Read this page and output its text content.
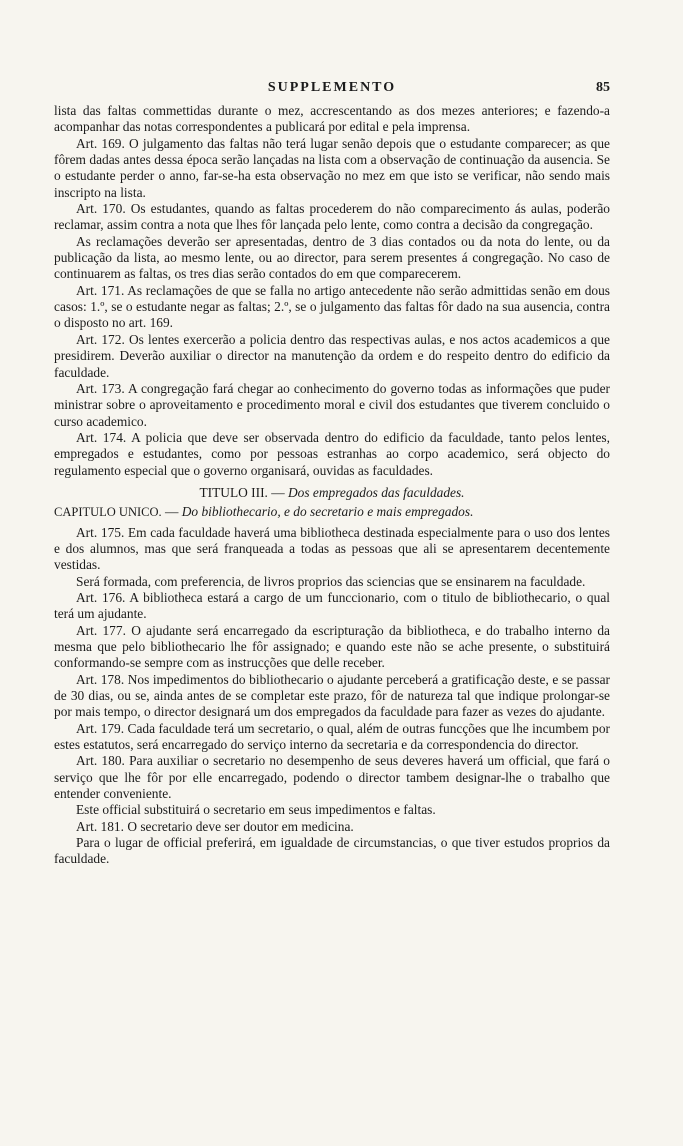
SUPPLEMENTO	85

lista das faltas commettidas durante o mez, accrescentando as dos mezes anteriores; e fazendo-a acompanhar das notas correspondentes a publicará por edital e pela imprensa.

Art. 169. O julgamento das faltas não terá lugar senão depois que o estudante comparecer; as que fôrem dadas antes dessa época serão lançadas na lista com a observação de continuação da ausencia. Se o estudante perder o anno, far-se-ha esta observação no mez em que isto se verificar, não sendo mais inscripto na lista.

Art. 170. Os estudantes, quando as faltas procederem do não comparecimento ás aulas, poderão reclamar, assim contra a nota que lhes fôr lançada pelo lente, como contra a decisão da congregação.

As reclamações deverão ser apresentadas, dentro de 3 dias contados ou da nota do lente, ou da publicação da lista, ao mesmo lente, ou ao director, para serem presentes á congregação. No caso de continuarem as faltas, os tres dias serão contados do em que comparecerem.

Art. 171. As reclamações de que se falla no artigo antecedente não serão admittidas senão em dous casos: 1.º, se o estudante negar as faltas; 2.º, se o julgamento das faltas fôr dado na sua ausencia, contra o disposto no art. 169.

Art. 172. Os lentes exercerão a policia dentro das respectivas aulas, e nos actos academicos a que presidirem. Deverão auxiliar o director na manutenção da ordem e do respeito dentro do edificio da faculdade.

Art. 173. A congregação fará chegar ao conhecimento do governo todas as informações que puder ministrar sobre o aproveitamento e procedimento moral e civil dos estudantes que tiverem concluido o curso academico.

Art. 174. A policia que deve ser observada dentro do edificio da faculdade, tanto pelos lentes, empregados e estudantes, como por pessoas estranhas ao corpo academico, será objecto do regulamento especial que o governo organisará, ouvidas as faculdades.

TITULO III. — Dos empregados das faculdades.
CAPITULO UNICO. — Do bibliothecario, e do secretario e mais empregados.

Art. 175. Em cada faculdade haverá uma bibliotheca destinada especialmente para o uso dos lentes e dos alumnos, mas que será franqueada a todas as pessoas que ali se apresentarem decentemente vestidas.

Será formada, com preferencia, de livros proprios das sciencias que se ensinarem na faculdade.

Art. 176. A bibliotheca estará a cargo de um funccionario, com o titulo de bibliothecario, o qual terá um ajudante.

Art. 177. O ajudante será encarregado da escripturação da bibliotheca, e do trabalho interno da mesma que pelo bibliothecario lhe fôr assignado; e quando este não se ache presente, o substituirá conformando-se sempre com as instrucções que delle receber.

Art. 178. Nos impedimentos do bibliothecario o ajudante perceberá a gratificação deste, e se passar de 30 dias, ou se, ainda antes de se completar este prazo, fôr de natureza tal que indique prolongar-se por mais tempo, o director designará um dos empregados da faculdade para fazer as vezes do ajudante.

Art. 179. Cada faculdade terá um secretario, o qual, além de outras funcções que lhe incumbem por estes estatutos, será encarregado do serviço interno da secretaria e da correspondencia do director.

Art. 180. Para auxiliar o secretario no desempenho de seus deveres haverá um official, que fará o serviço que lhe fôr por elle encarregado, podendo o director tambem designar-lhe o trabalho que entender conveniente.

Este official substituirá o secretario em seus impedimentos e faltas.

Art. 181. O secretario deve ser doutor em medicina.

Para o lugar de official preferirá, em igualdade de circumstancias, o que tiver estudos proprios da faculdade.
